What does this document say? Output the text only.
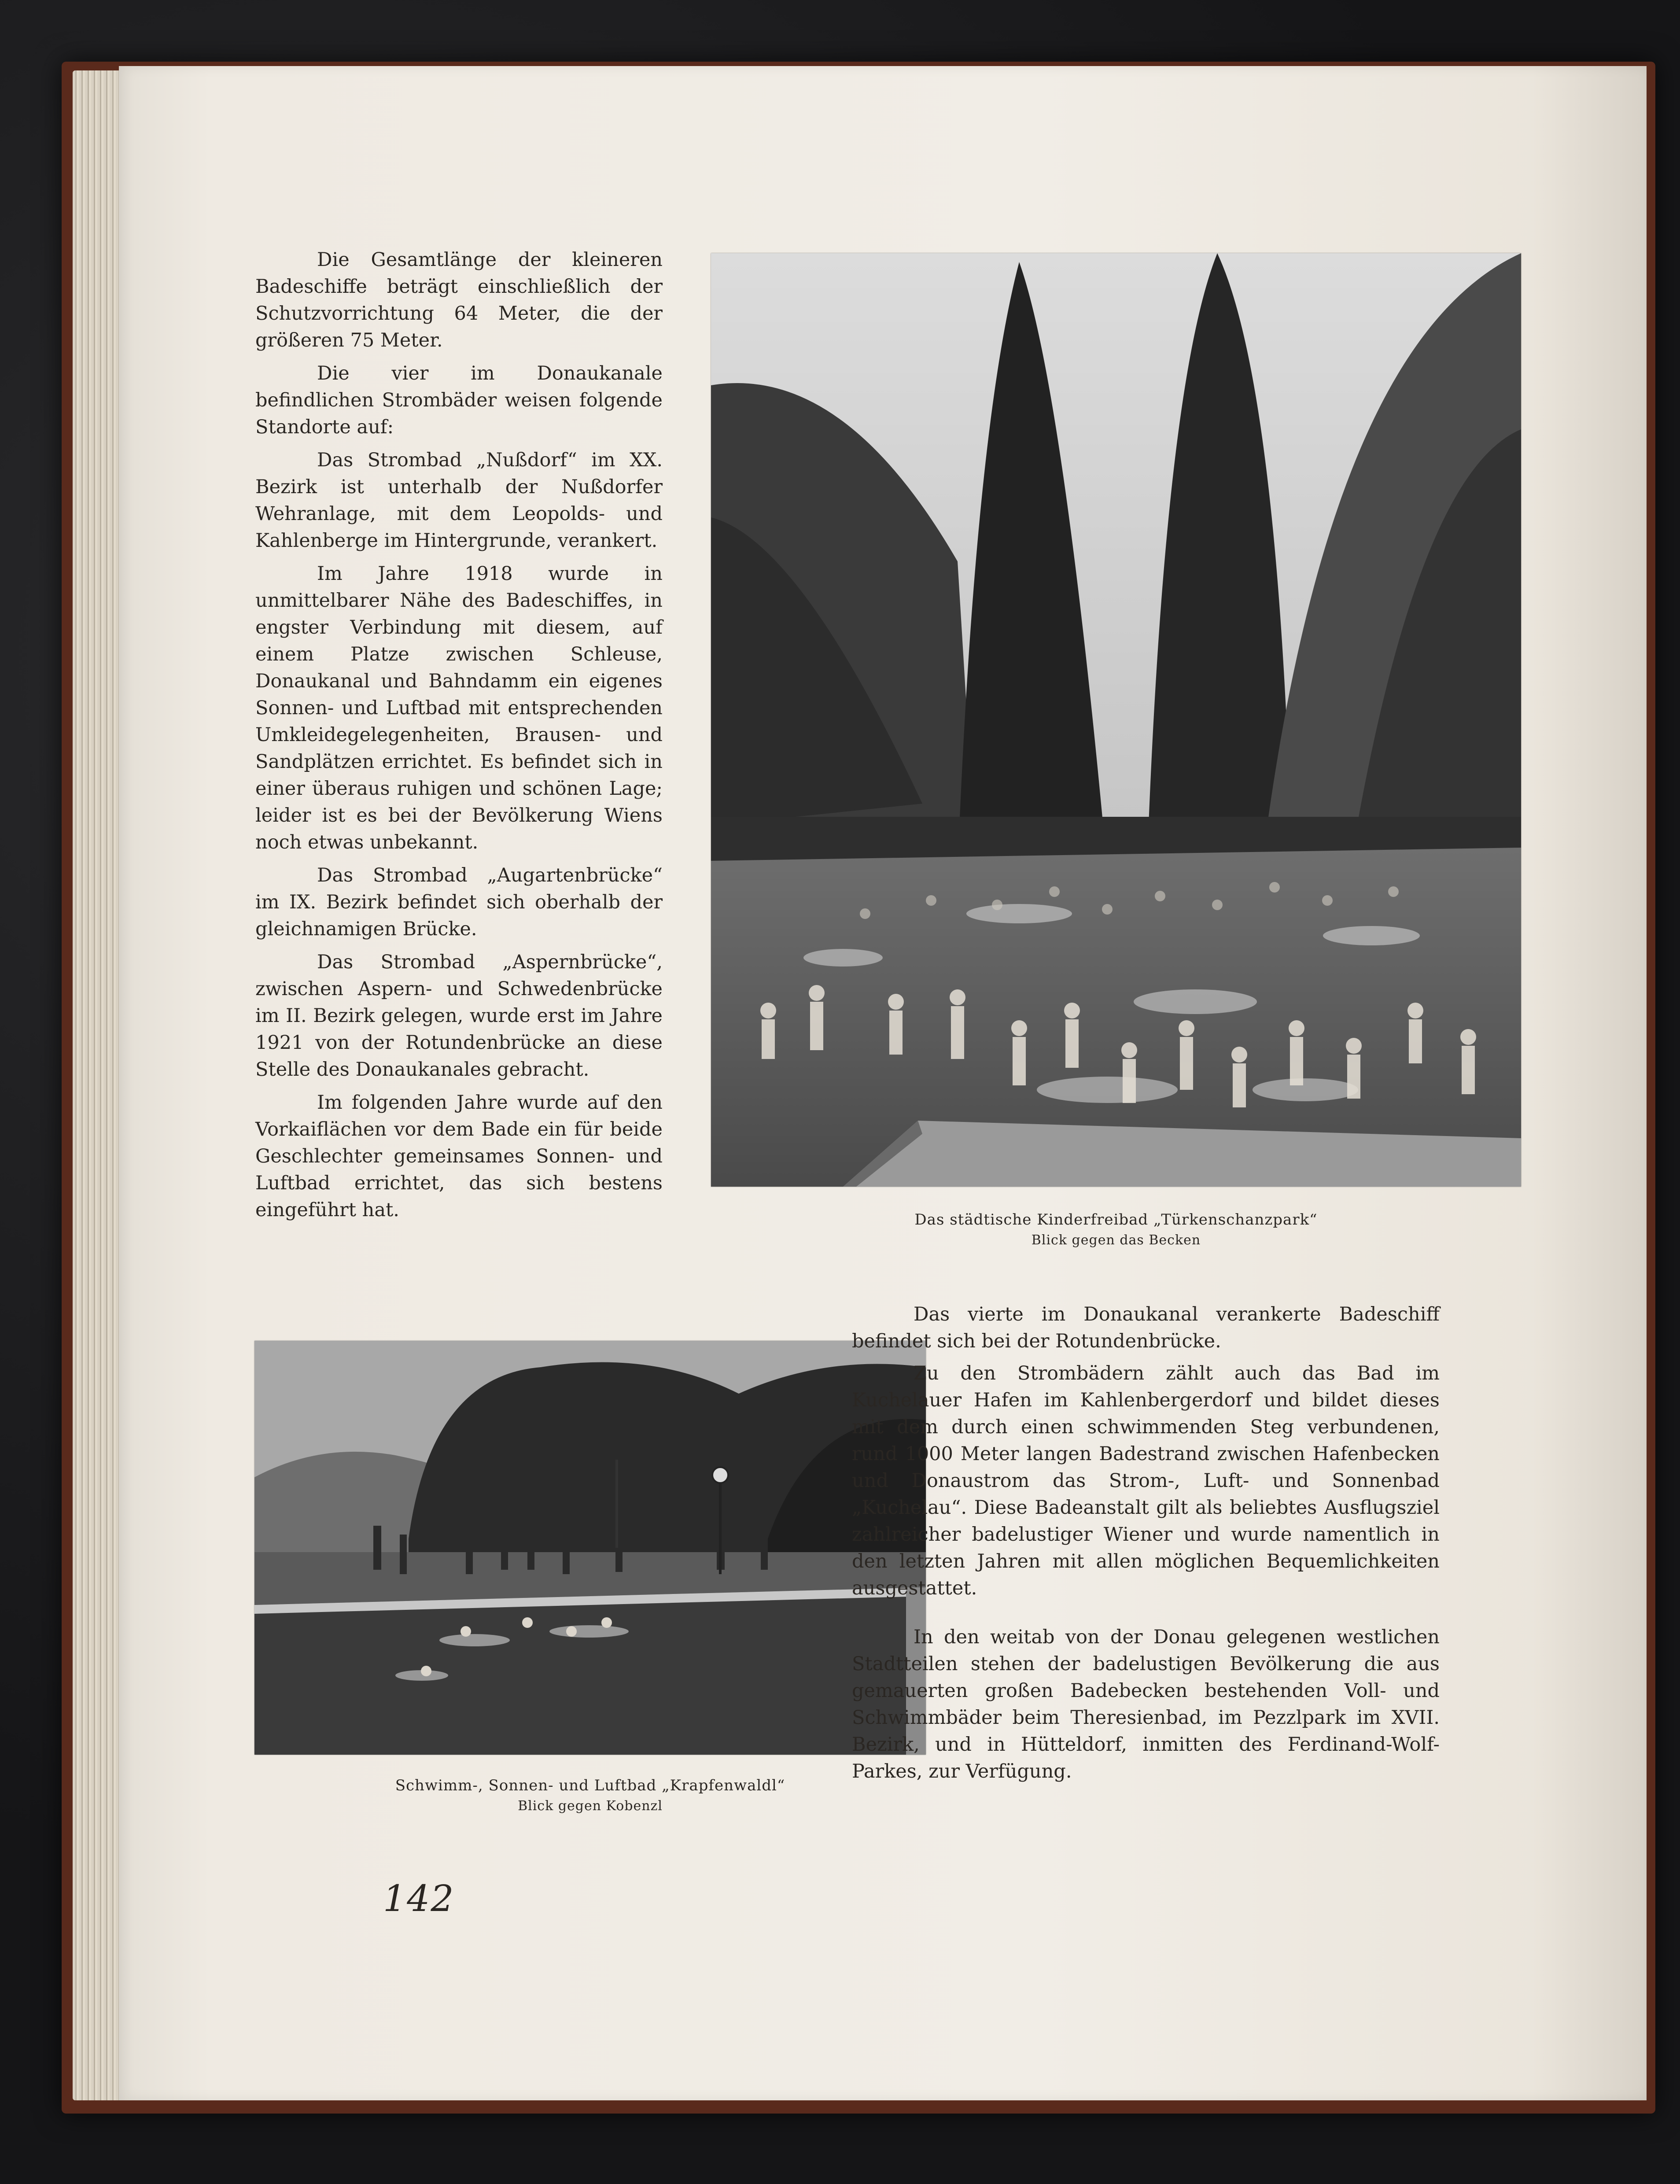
Die Gesamtlänge der kleineren Badeschiffe beträgt einschließlich der Schutzvorrichtung 64 Meter, die der größeren 75 Meter.

Die vier im Donaukanale befindlichen Strombäder weisen folgende Standorte auf:

Das Strombad „Nußdorf“ im XX. Bezirk ist unterhalb der Nußdorfer Wehranlage, mit dem Leopolds- und Kahlenberge im Hintergrunde, verankert.

Im Jahre 1918 wurde in unmittelbarer Nähe des Badeschiffes, in engster Verbindung mit diesem, auf einem Platze zwischen Schleuse, Donaukanal und Bahndamm ein eigenes Sonnen- und Luftbad mit entsprechenden Umkleidegelegenheiten, Brausen- und Sandplätzen errichtet. Es befindet sich in einer überaus ruhigen und schönen Lage; leider ist es bei der Bevölkerung Wiens noch etwas unbekannt.

Das Strombad „Augartenbrücke“ im IX. Bezirk befindet sich oberhalb der gleichnamigen Brücke.

Das Strombad „Aspernbrücke“, zwischen Aspern- und Schwedenbrücke im II. Bezirk gelegen, wurde erst im Jahre 1921 von der Rotundenbrücke an diese Stelle des Donaukanales gebracht.

Im folgenden Jahre wurde auf den Vorkaiflächen vor dem Bade ein für beide Geschlechter gemeinsames Sonnen- und Luftbad errichtet, das sich bestens eingeführt hat.	Das städtische Kinderfreibad „Türkenschanzpark“
Blick gegen das Becken
Schwimm-, Sonnen- und Luftbad „Krapfenwaldl“
Blick gegen Kobenzl

Das vierte im Donaukanal verankerte Badeschiff befindet sich bei der Rotundenbrücke.

Zu den Strombädern zählt auch das Bad im Kuchelauer Hafen im Kahlenbergerdorf und bildet dieses mit dem durch einen schwimmenden Steg verbundenen, rund 1000 Meter langen Badestrand zwischen Hafenbecken und Donaustrom das Strom-, Luft- und Sonnenbad „Kuchelau“. Diese Badeanstalt gilt als beliebtes Ausflugsziel zahlreicher badelustiger Wiener und wurde namentlich in den letzten Jahren mit allen möglichen Bequemlichkeiten ausgestattet.

In den weitab von der Donau gelegenen westlichen Stadtteilen stehen der badelustigen Bevölkerung die aus gemauerten großen Badebecken bestehenden Voll- und Schwimmbäder beim Theresienbad, im Pezzlpark im XVII. Bezirk, und in Hütteldorf, inmitten des Ferdinand-Wolf-Parkes, zur Verfügung.

142
